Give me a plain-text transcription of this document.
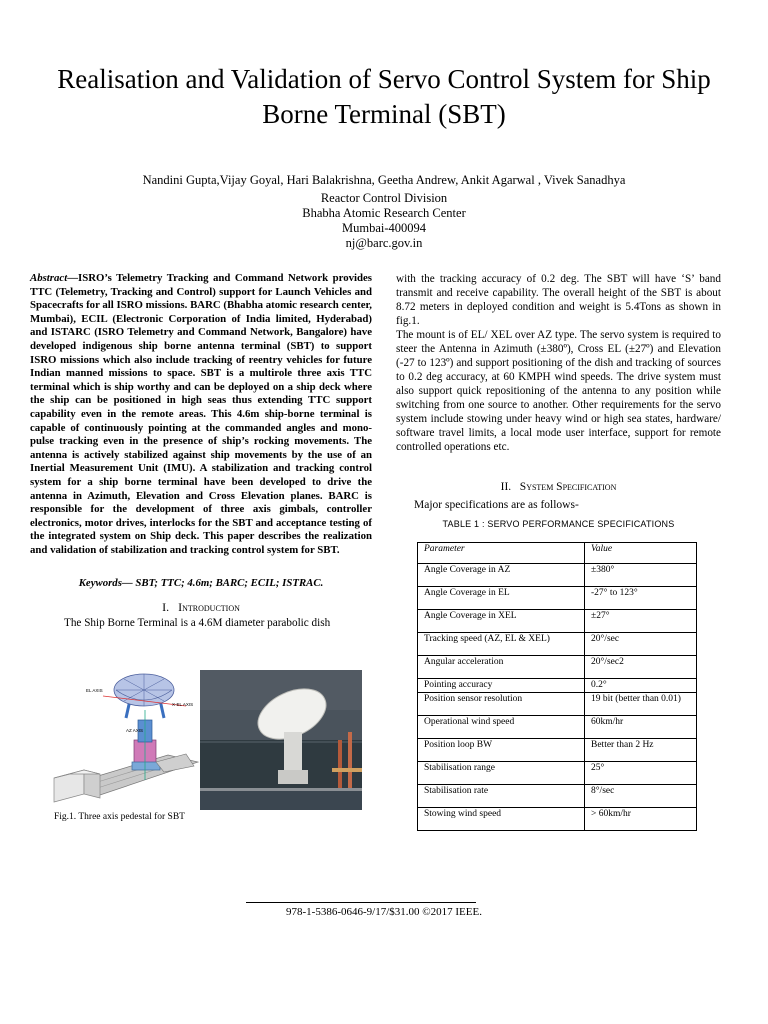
Realisation and Validation of Servo Control System for Ship Borne Terminal (SBT)
Nandini Gupta,Vijay Goyal, Hari Balakrishna, Geetha Andrew, Ankit Agarwal , Vivek Sanadhya
Reactor Control Division
Bhabha Atomic Research Center
Mumbai-400094
nj@barc.gov.in
Abstract—ISRO’s Telemetry Tracking and Command Network provides TTC (Telemetry, Tracking and Control) support for Launch Vehicles and Spacecrafts for all ISRO missions. BARC (Bhabha atomic research center, Mumbai), ECIL (Electronic Corporation of India limited, Hyderabad) and ISTARC (ISRO Telemetry and Command Network, Bangalore) have developed indigenous ship borne antenna terminal (SBT) to support ISRO missions which also include tracking of reentry vehicles for future Indian manned missions to space. SBT is a multirole three axis TTC terminal which is ship worthy and can be deployed on a ship deck where the ship can be positioned in high seas thus extending TTC support capability even in the remote areas. This 4.6m ship-borne terminal is capable of continuously pointing at the commanded angles and mono-pulse tracking even in the presence of ship’s rocking movements. The antenna is actively stabilized against ship movements by the use of an Inertial Measurement Unit (IMU). A stabilization and tracking control system for a ship borne terminal have been developed to drive the antenna in Azimuth, Elevation and Cross Elevation planes. BARC is responsible for the development of three axis gimbals, controller electronics, motor drives, interlocks for the SBT and acceptance testing of the integrated system on Ship deck. This paper describes the realization and validation of stabilization and tracking control system for SBT.
Keywords— SBT; TTC; 4.6m; BARC; ECIL; ISTRAC.
I. Introduction
The Ship Borne Terminal is a 4.6M diameter parabolic dish
EL AXIS
X-EL AXIS
AZ AXIS
Fig.1. Three axis pedestal for SBT
with the tracking accuracy of 0.2 deg. The SBT will have ‘S’ band transmit and receive capability. The overall height of the SBT is about 8.72 meters in deployed condition and weight is 5.4Tons as shown in fig.1.
The mount is of EL/ XEL over AZ type. The servo system is required to steer the Antenna in Azimuth (±380º), Cross EL (±27º) and Elevation (-27 to 123º) and support positioning of the dish and tracking of sources to 0.2 deg accuracy, at 60 KMPH wind speeds. The drive system must also support quick repositioning of the antenna to any position while switching from one source to another. Other requirements for the servo system include stowing under heavy wind or high sea states, hardware/ software travel limits, a local mode user interface, support for remote controlled operations etc.
II. System Specification
Major specifications are as follows-
TABLE 1 : SERVO PERFORMANCE SPECIFICATIONS
Parameter	Value
Angle Coverage in AZ	±380°
Angle Coverage in EL	-27° to 123°
Angle Coverage in XEL	±27°
Tracking speed (AZ, EL & XEL)	20°/sec
Angular acceleration	20°/sec2
Pointing accuracy	0.2°
Position sensor resolution	19 bit (better than 0.01)
Operational wind speed	60km/hr
Position loop BW	Better than 2 Hz
Stabilisation range	25°
Stabilisation rate	8°/sec
Stowing wind speed	> 60km/hr
978-1-5386-0646-9/17/$31.00 ©2017 IEEE.
